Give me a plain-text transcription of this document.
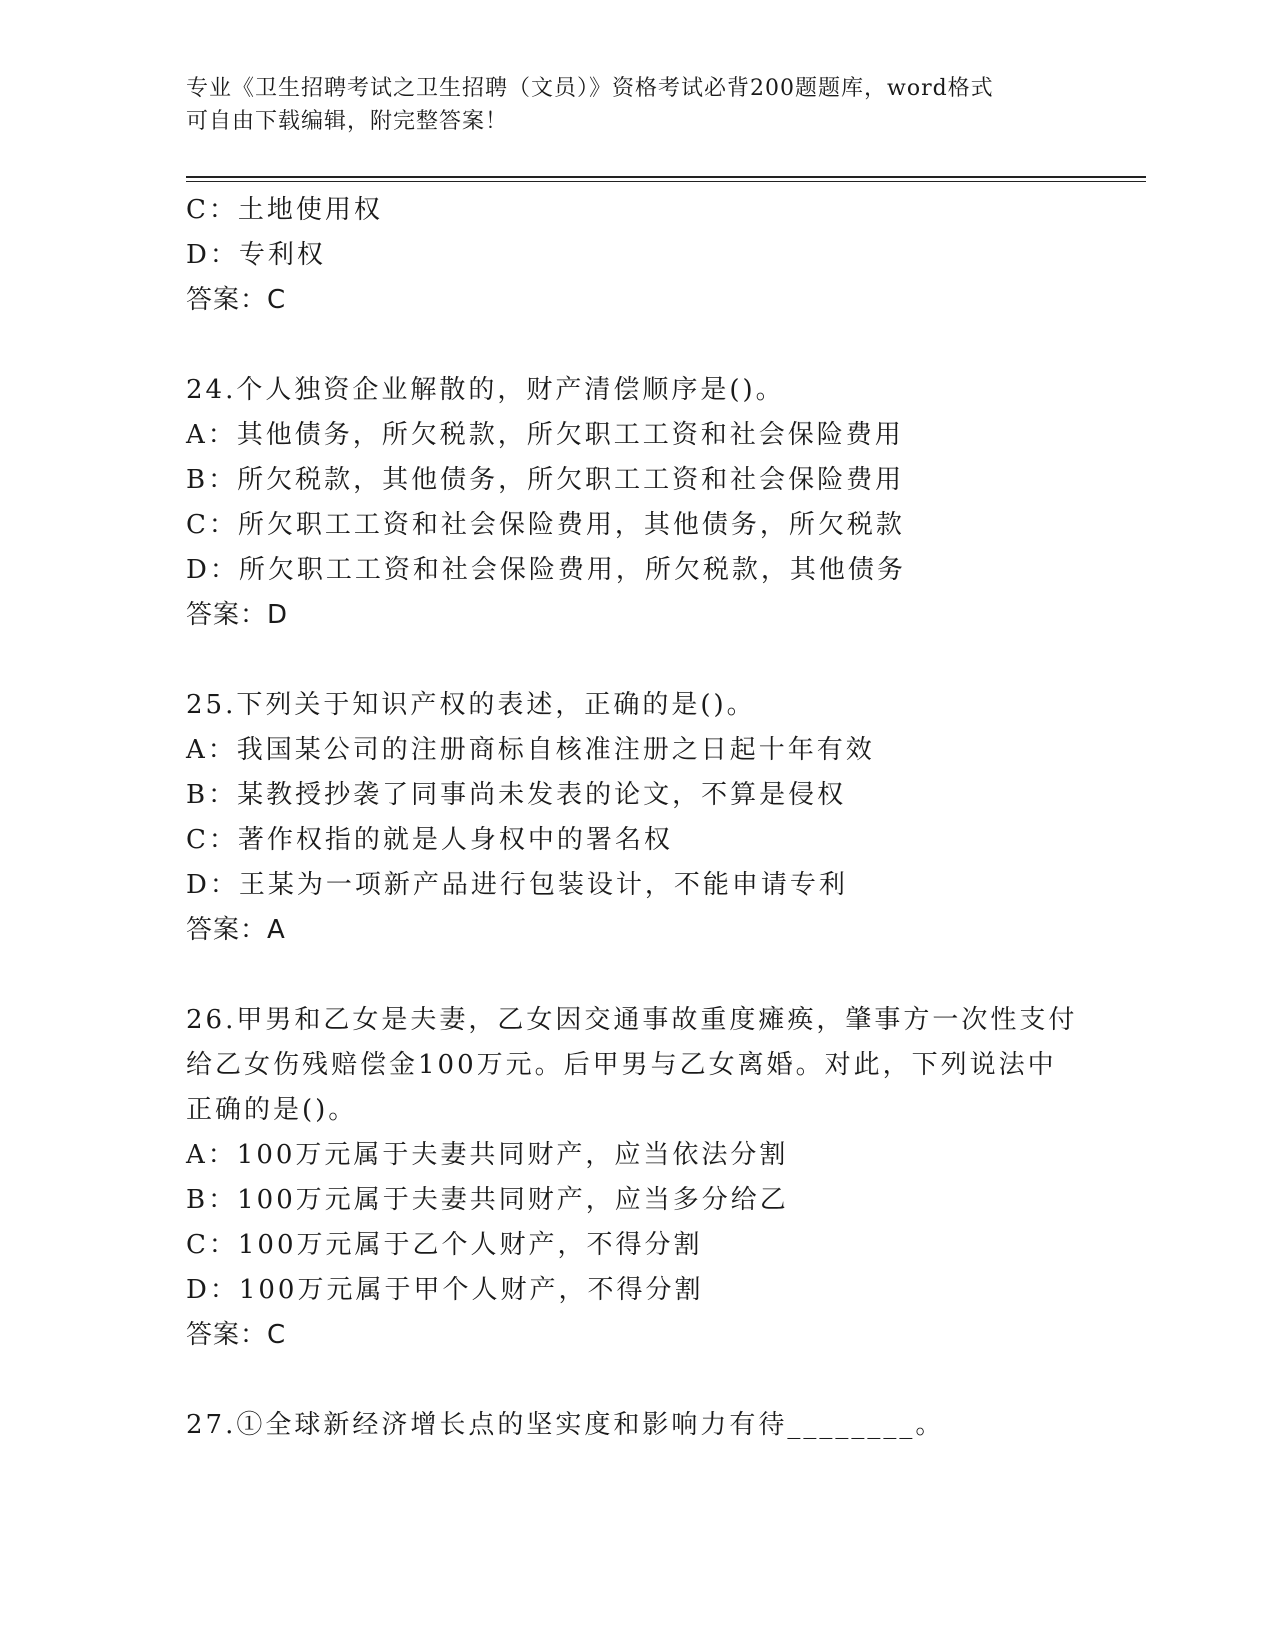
专业《卫生招聘考试之卫生招聘（文员）》资格考试必背200题题库，word格式
可自由下载编辑，附完整答案！
C：土地使用权
D：专利权
答案：C
24.个人独资企业解散的，财产清偿顺序是()。
A：其他债务，所欠税款，所欠职工工资和社会保险费用
B：所欠税款，其他债务，所欠职工工资和社会保险费用
C：所欠职工工资和社会保险费用，其他债务，所欠税款
D：所欠职工工资和社会保险费用，所欠税款，其他债务
答案：D
25.下列关于知识产权的表述，正确的是()。
A：我国某公司的注册商标自核准注册之日起十年有效
B：某教授抄袭了同事尚未发表的论文，不算是侵权
C：著作权指的就是人身权中的署名权
D：王某为一项新产品进行包装设计，不能申请专利
答案：A
26.甲男和乙女是夫妻，乙女因交通事故重度瘫痪，肇事方一次性支付
给乙女伤残赔偿金100万元。后甲男与乙女离婚。对此，下列说法中
正确的是()。
A：100万元属于夫妻共同财产，应当依法分割
B：100万元属于夫妻共同财产，应当多分给乙
C：100万元属于乙个人财产，不得分割
D：100万元属于甲个人财产，不得分割
答案：C
27.①全球新经济增长点的坚实度和影响力有待________。
